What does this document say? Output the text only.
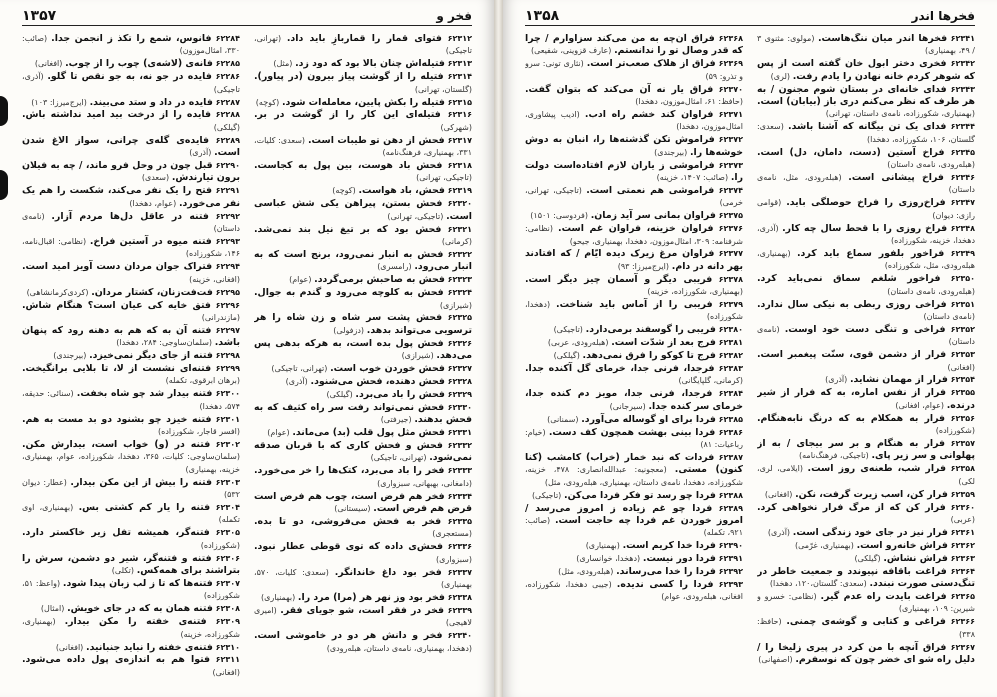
فخر و
۱۳۵۷
۶۲۳۱۲ فتوای قمار را قماربازِ باید داد. (تهرانی، تاجیکی)
۶۲۳۱۳ فتیله‌اش چنان بالا بود که دود زد. (مثل)
۶۲۳۱۴ فتیله را از گوشت پیاز بیرون (در پیاور). (گلستان، تهرانی)
۶۲۳۱۵ فتیله را بکش پایین، معامله‌ات شود. (کوچه)
۶۲۳۱۶ فتیله‌ای این کار را از گوشت در بر. (شهرکی)
۶۲۳۱۷ فحش از دهن تو طیبات است. (سعدی: کلیات، ۳۳۱، بهمنیاری، فرهنگ‌نامه)
۶۲۳۱۸ فحش باد هوست، بین پول به کجاست. (تاجیکی، تهرانی)
۶۲۳۱۹ فحش، باد هواست. (کوچه)
۶۲۳۲۰ فحش بستن، پیراهن یکی شش عباسی است. (تاجیکی، تهرانی)
۶۲۳۲۱ فحش بود که بر تیغ نیل بند نمی‌شد. (کرمانی)
۶۲۳۲۲ فحش به انبار نمی‌رود، برنج است که به انبار می‌رود. (رامسری)
۶۲۳۲۳ فحش به صاحبش برمی‌گردد. (عوام)
۶۲۳۲۴ فحش به کلوچه می‌رود و گندم به جوال. (شیرازی)
۶۲۳۲۵ فحش پشت سر شاه و زن شاه را هر ترسویی می‌تواند بدهد. (دزفولی)
۶۲۳۲۶ فحش پول بده است، به هرکه بدهی پس می‌دهد. (شیرازی)
۶۲۳۲۷ فحش خوردن خوب است. (تهرانی، تاجیکی)
۶۲۳۲۸ فحش دهنده، فحش می‌شنود. (آذری)
۶۲۳۲۹ فحش را باد می‌برد. (گیلکی)
۶۲۳۳۰ فحش نمی‌تواند رفت سر راه کثیف که به فحش بدهند. (جیرفتی)
۶۲۳۳۱ فحش مثل پول قلب (بد) می‌ماند. (عوام)
۶۲۳۳۲ فحش و فحش کاری که با قربان صدقه نمی‌شود. (تهرانی، تاجیکی)
۶۲۳۳۳ فخر را باد می‌برد، کتک‌ها را خر می‌خورد. (دامغانی، بهبهانی، سبزواری)
۶۲۳۳۴ فخر هم فرض است، چوب هم فرض است قرض هم فرض است. (سیستانی)
۶۲۳۳۵ فخر به فحش می‌فروشی، دو تا بده. (مستعجری)
۶۲۳۳۶ فحش‌ی داده که توی قوطی عطار نبود. (سبزواری)
۶۲۳۳۷ فخر بود داغ خاندانگر. (سعدی: کلیات، ۵۷۰، بهمنیاری)
۶۲۳۳۸ فخر بود وز نهر هر (مرا) مرد را. (بهمنیاری)
۶۲۳۳۹ فخر در فقر است، شو جویای فقر. (امیری لاهیجی)
۶۲۳۴۰ فخر و دانش هر دو در خاموشی است. (دهخدا، بهمنیاری، نامه‌ی داستان، هبله‌رودی)
۶۲۲۸۴ فانوس، شمع را تکذ ز انجمن جدا. (صائب: ۳۳۰، امثال‌موزون)
۶۲۲۸۵ فانه‌ی (لاشه‌ی) چوب را از چوب. (افغانی)
۶۲۲۸۶ فایده در جو نه، به جو نقص تا گلو. (آذری، تاجیکی)
۶۲۲۸۷ فایده در داد و ستد می‌بیند. (ایرج‌میرزا: ۱۰۳)
۶۲۲۸۸ فایده را از درخت بید امید نداشته باش. (گیلکی)
۶۲۲۸۹ فایده‌ی گله‌ی چرانی، سواز الاغ شدن است. (آذری)
۶۲۲۹۰ قبل چون در وحل فرو ماند، / چه به فیلان برون تیارندش. (سعدی)
۶۲۲۹۱ فتح را یک نفر می‌کند، شکست را هم یک نفر می‌خورد. (عوام، دهخدا)
۶۲۲۹۲ فتنه در عاقل دل‌ها مردم آزار. (نامه‌ی داستان)
۶۲۲۹۳ فتنه میوه در آستین فراخ. (نظامی: اقبال‌نامه، ۱۴۶، شکورزاده)
۶۲۲۹۴ فتراک جوان مردان دست آویز امید است. (افغانی، خزینه)
۶۲۲۹۵ فت‌فت‌زنان، کشتار مردان. (کردی‌کرمانشاهی)
۶۲۲۹۶ فتق خایه کی عیان است؟ هنگام شاش. (مازندرانی)
۶۲۲۹۷ فتنه آن به که هم به دهنه رود که پنهان باشد. (سلمان‌ساوجی: ۲۸۴، دهخدا)
۶۲۲۹۸ فتنه از جای دیگر نمی‌خیزد. (بیرجندی)
۶۲۲۹۹ فتنه‌ای نشست از لا، تا بلایی برانگیخت. (برهان ابرقوی، تکمله)
۶۲۳۰۰ فتنه بیدار شد چو شاه بخفت. (سنائی: حدیقه، ۵۷۴، دهخدا)
۶۲۳۰۱ فتنه خیزد چو بشنود دو بد مست به هم. (افسر قاجار، شکورزاده)
۶۲۳۰۲ فتنه در (و) خواب است، بیدارش مکن. (سلمان‌ساوجی: کلیات، ۳۶۵، دهخدا، شکورزاده، عوام، بهمنیاری، خزینه، بهمنیاری)
۶۲۳۰۳ فتنه را بیش از این مکن بیدار. (عطار: دیوان ۵۳۲)
۶۲۳۰۴ فتنه را یار کم کشتی بس. (بهمنیاری، اوی تکمله)
۶۲۳۰۵ فتنه‌گر، همیشه تفل زیر خاکستر دارد. (شکورزاده)
۶۲۳۰۶ فتنه و فتنه‌گر، شیر دو دشمن، سرش را بتراشند برای همه‌کس. (تکلی)
۶۲۳۰۷ فتنه‌ها که تا ز لب زبان پیدا شود. (واعظ: ۵۱، شکورزاده)
۶۲۳۰۸ فتنه همان به که در جای خویش. (امثال)
۶۲۳۰۹ فتنه‌ی خفته را مکن بیدار. (بهمنیاری، شکورزاده، خزینه)
۶۲۳۱۰ فتنه‌ی خفته را نباید جنبانید. (افغانی)
۶۲۳۱۱ فتوا هم به اندازه‌ی پول داده می‌شود. (افغانی)
فخرها اندر
۱۳۵۸
۶۲۳۴۱ فخرها اندر میان ننگ‌هاست. (مولوی: مثنوی ۳ / ۴۹، بهمنیاری)
۶۲۳۴۲ فخری دختر ابول خان گفته است از پس که شوهر کردم خانه نهادن را یادم رفت. (لری)
۶۲۳۴۳ فدای خانه‌ای در بستان شوم مجنون / به هر طرف که نظر می‌کنم دری باز (بیابان) است. (بهمنیاری، شکورزاده، نامه‌ی داستان، تهرانی)
۶۲۳۴۴ فدای یک تن بیگانه که آشنا باشد. (سعدی: گلستان، ۱۰۶، شکورزاده، دهخدا)
۶۲۳۴۵ فراخ آستین (دست، دامان، دل) است. (هبله‌رودی، نامه‌ی داستان)
۶۲۳۴۶ فراخ پیشانی است. (هبله‌رودی، مثل، نامه‌ی داستان)
۶۲۳۴۷ فراخ‌روزی را فراخ حوصلگی باید. (قوامی رازی: دیوان)
۶۲۳۴۸ فراخ روزی را با قحط سال چه کار. (آذری، دهخدا، خزینه، شکورزاده)
۶۲۳۴۹ فراخور بلفور سماع باید کرد. (بهمنیاری، هبله‌رودی، مثل، شکورزاده)
۶۲۳۵۰ فراخور شلغم سماق نمی‌باید کرد. (هبله‌رودی، نامه‌ی داستان)
۶۲۳۵۱ فراخی روزی ربطی به نیکی سال ندارد. (نامه‌ی داستان)
۶۲۳۵۲ فراخی و تنگی دست خود اوست. (نامه‌ی داستان)
۶۲۳۵۳ فرار از دشمن قوی، سنّت پیغمبر است. (افغانی)
۶۲۳۵۴ فرار از مهمان نشاید. (آذری)
۶۲۳۵۵ فرار از نفس اماره، به که فرار از شیر درنده. (عوام، افغانی)
۶۲۳۵۶ فرار به همکلام به که درنگ نابه‌هنگام. (شکورزاده)
۶۲۳۵۷ فرار به هنگام و بر سر بیجای / به از پهلوانی و سر زیر پای. (تاجیکی، فرهنگ‌نامه)
۶۲۳۵۸ فرار شب، طعنه‌ی روز است. (ایلامی، لری، لکی)
۶۲۳۵۹ فرار کن، اسب زیرت گرفت، نکن. (افغانی)
۶۲۳۶۰ فرار کن که از مرگ فرار نخواهی کرد. (عربی)
۶۲۳۶۱ فرار نیز در جای خود زندگی است. (آذری)
۶۲۳۶۲ فراش خانه‌رو است. (بهمنیاری، غرّمی)
۶۲۳۶۳ فراش نشاش. (گیلکی)
۶۲۳۶۴ فراغت باقافه نپیوندد و جمعیت خاطر در تنگ‌دستی صورت نبندد. (سعدی: گلستان،۱۲۰، دهخدا)
۶۲۳۶۵ فراغت بایدت راه عدم گیر. (نظامی: خسرو و شیرین: ۱۰۹، بهمنیاری)
۶۲۳۶۶ فراغی و کتابی و گوشه‌ی چمنی. (حافظ: ۳۳۸)
۶۲۳۶۷ فراق آنچه با من کرد در پیری زلیخا را / دلیل راه شو ای خضر چون که نوسفرم. (اصفهانی)
۶۲۳۶۸ فراق آن‌چه به من می‌کند سزاوارم / چرا که قدر وصال تو را ندانستم. (عارف قزوینی، شفیعی)
۶۲۳۶۹ فراق از هلاک صعب‌تر است. (نثاری تونی: سرو و تذرو: ۵۹)
۶۲۳۷۰ فراق یار نه آن می‌کند که بتوان گفت. (حافظ: ۶۱، امثال‌موزون، دهخدا)
۶۲۳۷۱ فراوان کند خشم راه ادب. (ادیب پیشاوری، امثال‌موزون، دهخدا)
۶۲۳۷۲ فراموش تکن گذشته‌ها را، انبان به دوش خوشه‌ها را. (بیرجندی)
۶۲۳۷۳ فراموشی ز یاران لازم افتاده‌است دولت را. (صائب: ۱۴۰۷، خزینه)
۶۲۳۷۴ فراموشی هم نعمتی است. (تاجیکی، تهرانی، خرمی)
۶۲۳۷۵ فراوان بمانی سر آید زمان. (فردوسی: ۱۵۰۱)
۶۲۳۷۶ فراوان خزینه، فراوان غم است. (نظامی: شرفنامه: ۳۰۹، امثال‌موزون، دهخدا، بهمنیاری، جیحو)
۶۲۳۷۷ فراوان مرغ زیرک دیده ایّام / که افتادند بهر دانه در دام. (ایرج‌میرزا: ۹۳)
۶۲۳۷۸ فریبی دیگر و آسمان چیز دیگر است. (بهمنیاری، شکورزاده، خزینه)
۶۲۳۷۹ فریبی را از آماس باید شناخت. (دهخدا، شکورزاده)
۶۲۳۸۰ فریبی را گوسفند برمی‌دارد. (تاجیکی)
۶۲۳۸۱ فرج بعد از شدّت است. (هبله‌رودی، عربی)
۶۲۳۸۲ فرج تا کوکو را فرق نمی‌دهد. (گیلکی)
۶۲۳۸۳ فرجدا، فرنی جدا، خرمای گل آکنده جدا. (کرمانی، گلپایگانی)
۶۲۳۸۴ فرجدا، فرنی جدا، مویز دم کنده جدا، خرمای سر کنده جدا. (سیرجانی)
۶۲۳۸۵ فردا برای او گوساله می‌آورد. (سمنانی)
۶۲۳۸۶ فردا بینی بهشت همچون کف دست. (خیام: رباعیات: ۸۱)
۶۲۳۸۷ فردات که نبد خمار (خراب) کامشب (کنا کنون) مستی. (معجونیه: عبدالله‌انصاری: ۴۷۸، خزینه، شکورزاده، دهخدا، نامه‌ی داستان، بهمنیاری، هبله‌رودی، مثل)
۶۲۳۸۸ فردا چو رسد تو فکر فردا می‌کن. (تاجیکی)
۶۲۳۸۹ فردا چو غم زیاده ز امروز می‌رسد / امروز خوردن غم فردا چه حاجت است. (صائب: ۹۲۱، تکمله)
۶۲۳۹۰ فردا خدا کریم است. (بهمنیاری)
۶۲۳۹۱ فردا دور نیست. (دهخدا، خوانساری)
۶۲۳۹۲ فردا را خدا می‌رساند. (هبله‌رودی، مثل)
۶۲۳۹۳ فردا را کسی ندیده. (جیبی دهخدا، شکورزاده، افغانی، هبله‌رودی، عوام)
